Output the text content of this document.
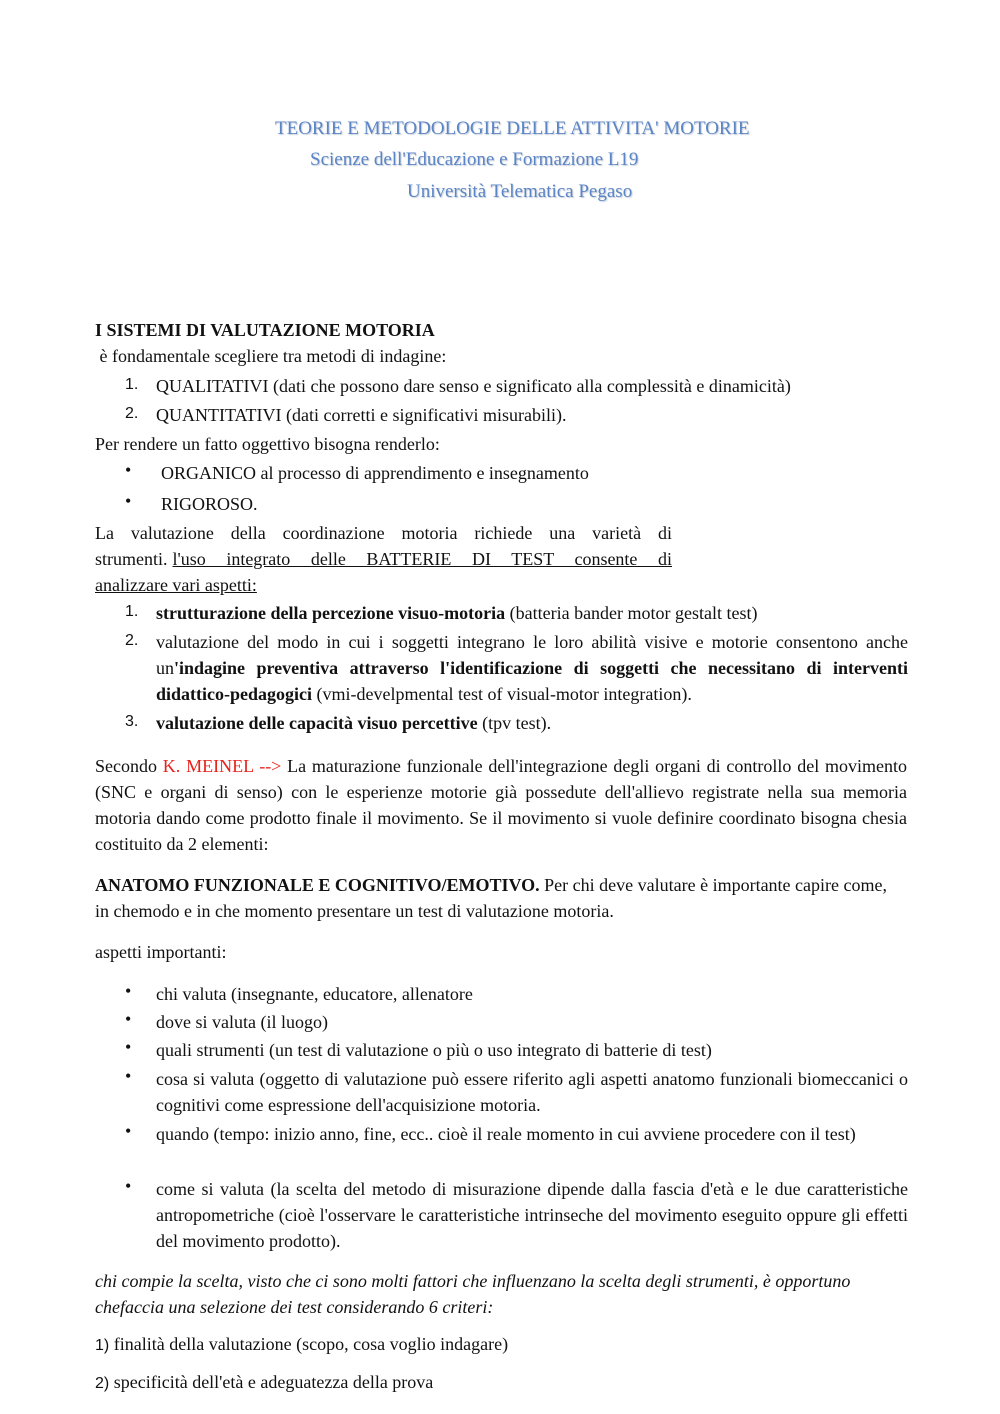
TEORIE E METODOLOGIE DELLE ATTIVITA' MOTORIE
Scienze dell'Educazione e Formazione L19
Università Telematica Pegaso
I SISTEMI DI VALUTAZIONE MOTORIA
è fondamentale scegliere tra metodi di indagine:
1. QUALITATIVI (dati che possono dare senso e significato alla complessità e dinamicità)
2. QUANTITATIVI (dati corretti e significativi misurabili).
Per rendere un fatto oggettivo bisogna renderlo:
• ORGANICO al processo di apprendimento e insegnamento
• RIGOROSO.
La valutazione della coordinazione motoria richiede una varietà di
strumenti. l'uso integrato delle BATTERIE DI TEST consente di
analizzare vari aspetti:
1. strutturazione della percezione visuo-motoria (batteria bander motor gestalt test)
2. valutazione del modo in cui i soggetti integrano le loro abilità visive e motorie consentono anche un'indagine preventiva attraverso l'identificazione di soggetti che necessitano di interventi didattico-pedagogici (vmi-develpmental test of visual-motor integration).
3. valutazione delle capacità visuo percettive (tpv test).
Secondo K. MEINEL --> La maturazione funzionale dell'integrazione degli organi di controllo del movimento (SNC e organi di senso) con le esperienze motorie già possedute dell'allievo registrate nella sua memoria motoria dando come prodotto finale il movimento. Se il movimento si vuole definire coordinato bisogna chesia costituito da 2 elementi:
ANATOMO FUNZIONALE E COGNITIVO/EMOTIVO. Per chi deve valutare è importante capire come, in chemodo e in che momento presentare un test di valutazione motoria.
aspetti importanti:
• chi valuta (insegnante, educatore, allenatore
• dove si valuta (il luogo)
• quali strumenti (un test di valutazione o più o uso integrato di batterie di test)
• cosa si valuta (oggetto di valutazione può essere riferito agli aspetti anatomo funzionali biomeccanici o cognitivi come espressione dell'acquisizione motoria.
• quando (tempo: inizio anno, fine, ecc.. cioè il reale momento in cui avviene procedere con il test)
• come si valuta (la scelta del metodo di misurazione dipende dalla fascia d'età e le due caratteristiche antropometriche (cioè l'osservare le caratteristiche intrinseche del movimento eseguito oppure gli effetti del movimento prodotto).
chi compie la scelta, visto che ci sono molti fattori che influenzano la scelta degli strumenti, è opportuno chefaccia una selezione dei test considerando 6 criteri:
1) finalità della valutazione (scopo, cosa voglio indagare)
2) specificità dell'età e adeguatezza della prova
